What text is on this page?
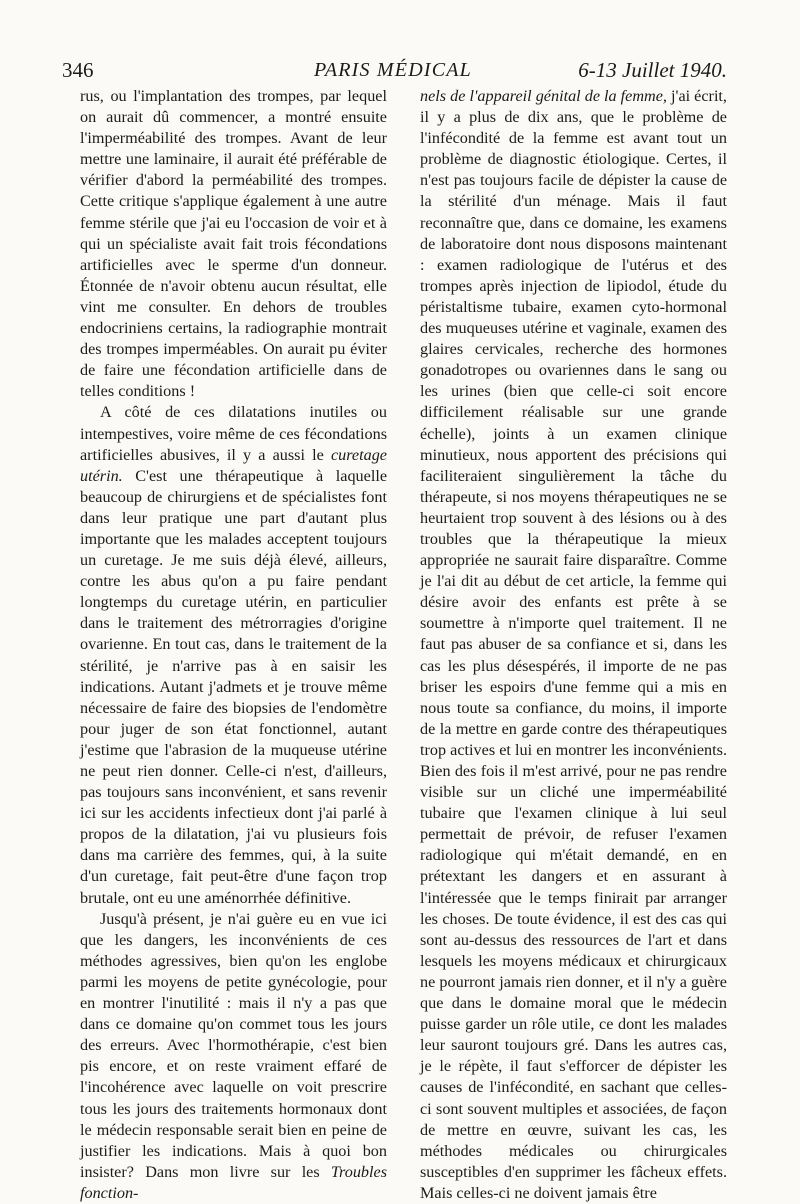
346	PARIS MÉDICAL	6-13 Juillet 1940.

rus, ou l'implantation des trompes, par lequel on aurait dû commencer, a montré ensuite l'imperméabilité des trompes. Avant de leur mettre une laminaire, il aurait été préférable de vérifier d'abord la perméabilité des trompes. Cette critique s'applique également à une autre femme stérile que j'ai eu l'occasion de voir et à qui un spécialiste avait fait trois fécondations artificielles avec le sperme d'un donneur. Étonnée de n'avoir obtenu aucun résultat, elle vint me consulter. En dehors de troubles endocriniens certains, la radiographie montrait des trompes imperméables. On aurait pu éviter de faire une fécondation artificielle dans de telles conditions !

A côté de ces dilatations inutiles ou intempestives, voire même de ces fécondations artificielles abusives, il y a aussi le curetage utérin. C'est une thérapeutique à laquelle beaucoup de chirurgiens et de spécialistes font dans leur pratique une part d'autant plus importante que les malades acceptent toujours un curetage. Je me suis déjà élevé, ailleurs, contre les abus qu'on a pu faire pendant longtemps du curetage utérin, en particulier dans le traitement des métrorragies d'origine ovarienne. En tout cas, dans le traitement de la stérilité, je n'arrive pas à en saisir les indications. Autant j'admets et je trouve même nécessaire de faire des biopsies de l'endomètre pour juger de son état fonctionnel, autant j'estime que l'abrasion de la muqueuse utérine ne peut rien donner. Celle-ci n'est, d'ailleurs, pas toujours sans inconvénient, et sans revenir ici sur les accidents infectieux dont j'ai parlé à propos de la dilatation, j'ai vu plusieurs fois dans ma carrière des femmes, qui, à la suite d'un curetage, fait peut-être d'une façon trop brutale, ont eu une aménorrhée définitive.

Jusqu'à présent, je n'ai guère eu en vue ici que les dangers, les inconvénients de ces méthodes agressives, bien qu'on les englobe parmi les moyens de petite gynécologie, pour en montrer l'inutilité : mais il n'y a pas que dans ce domaine qu'on commet tous les jours des erreurs. Avec l'hormothérapie, c'est bien pis encore, et on reste vraiment effaré de l'incohérence avec laquelle on voit prescrire tous les jours des traitements hormonaux dont le médecin responsable serait bien en peine de justifier les indications. Mais à quoi bon insister? Dans mon livre sur les Troubles fonction-

nels de l'appareil génital de la femme, j'ai écrit, il y a plus de dix ans, que le problème de l'infécondité de la femme est avant tout un problème de diagnostic étiologique. Certes, il n'est pas toujours facile de dépister la cause de la stérilité d'un ménage. Mais il faut reconnaître que, dans ce domaine, les examens de laboratoire dont nous disposons maintenant : examen radiologique de l'utérus et des trompes après injection de lipiodol, étude du péristaltisme tubaire, examen cyto-hormonal des muqueuses utérine et vaginale, examen des glaires cervicales, recherche des hormones gonadotropes ou ovariennes dans le sang ou les urines (bien que celle-ci soit encore difficilement réalisable sur une grande échelle), joints à un examen clinique minutieux, nous apportent des précisions qui faciliteraient singulièrement la tâche du thérapeute, si nos moyens thérapeutiques ne se heurtaient trop souvent à des lésions ou à des troubles que la thérapeutique la mieux appropriée ne saurait faire disparaître. Comme je l'ai dit au début de cet article, la femme qui désire avoir des enfants est prête à se soumettre à n'importe quel traitement. Il ne faut pas abuser de sa confiance et si, dans les cas les plus désespérés, il importe de ne pas briser les espoirs d'une femme qui a mis en nous toute sa confiance, du moins, il importe de la mettre en garde contre des thérapeutiques trop actives et lui en montrer les inconvénients. Bien des fois il m'est arrivé, pour ne pas rendre visible sur un cliché une imperméabilité tubaire que l'examen clinique à lui seul permettait de prévoir, de refuser l'examen radiologique qui m'était demandé, en en prétextant les dangers et en assurant à l'intéressée que le temps finirait par arranger les choses. De toute évidence, il est des cas qui sont au-dessus des ressources de l'art et dans lesquels les moyens médicaux et chirurgicaux ne pourront jamais rien donner, et il n'y a guère que dans le domaine moral que le médecin puisse garder un rôle utile, ce dont les malades leur sauront toujours gré. Dans les autres cas, je le répète, il faut s'efforcer de dépister les causes de l'infécondité, en sachant que celles-ci sont souvent multiples et associées, de façon de mettre en œuvre, suivant les cas, les méthodes médicales ou chirurgicales susceptibles d'en supprimer les fâcheux effets. Mais celles-ci ne doivent jamais être
